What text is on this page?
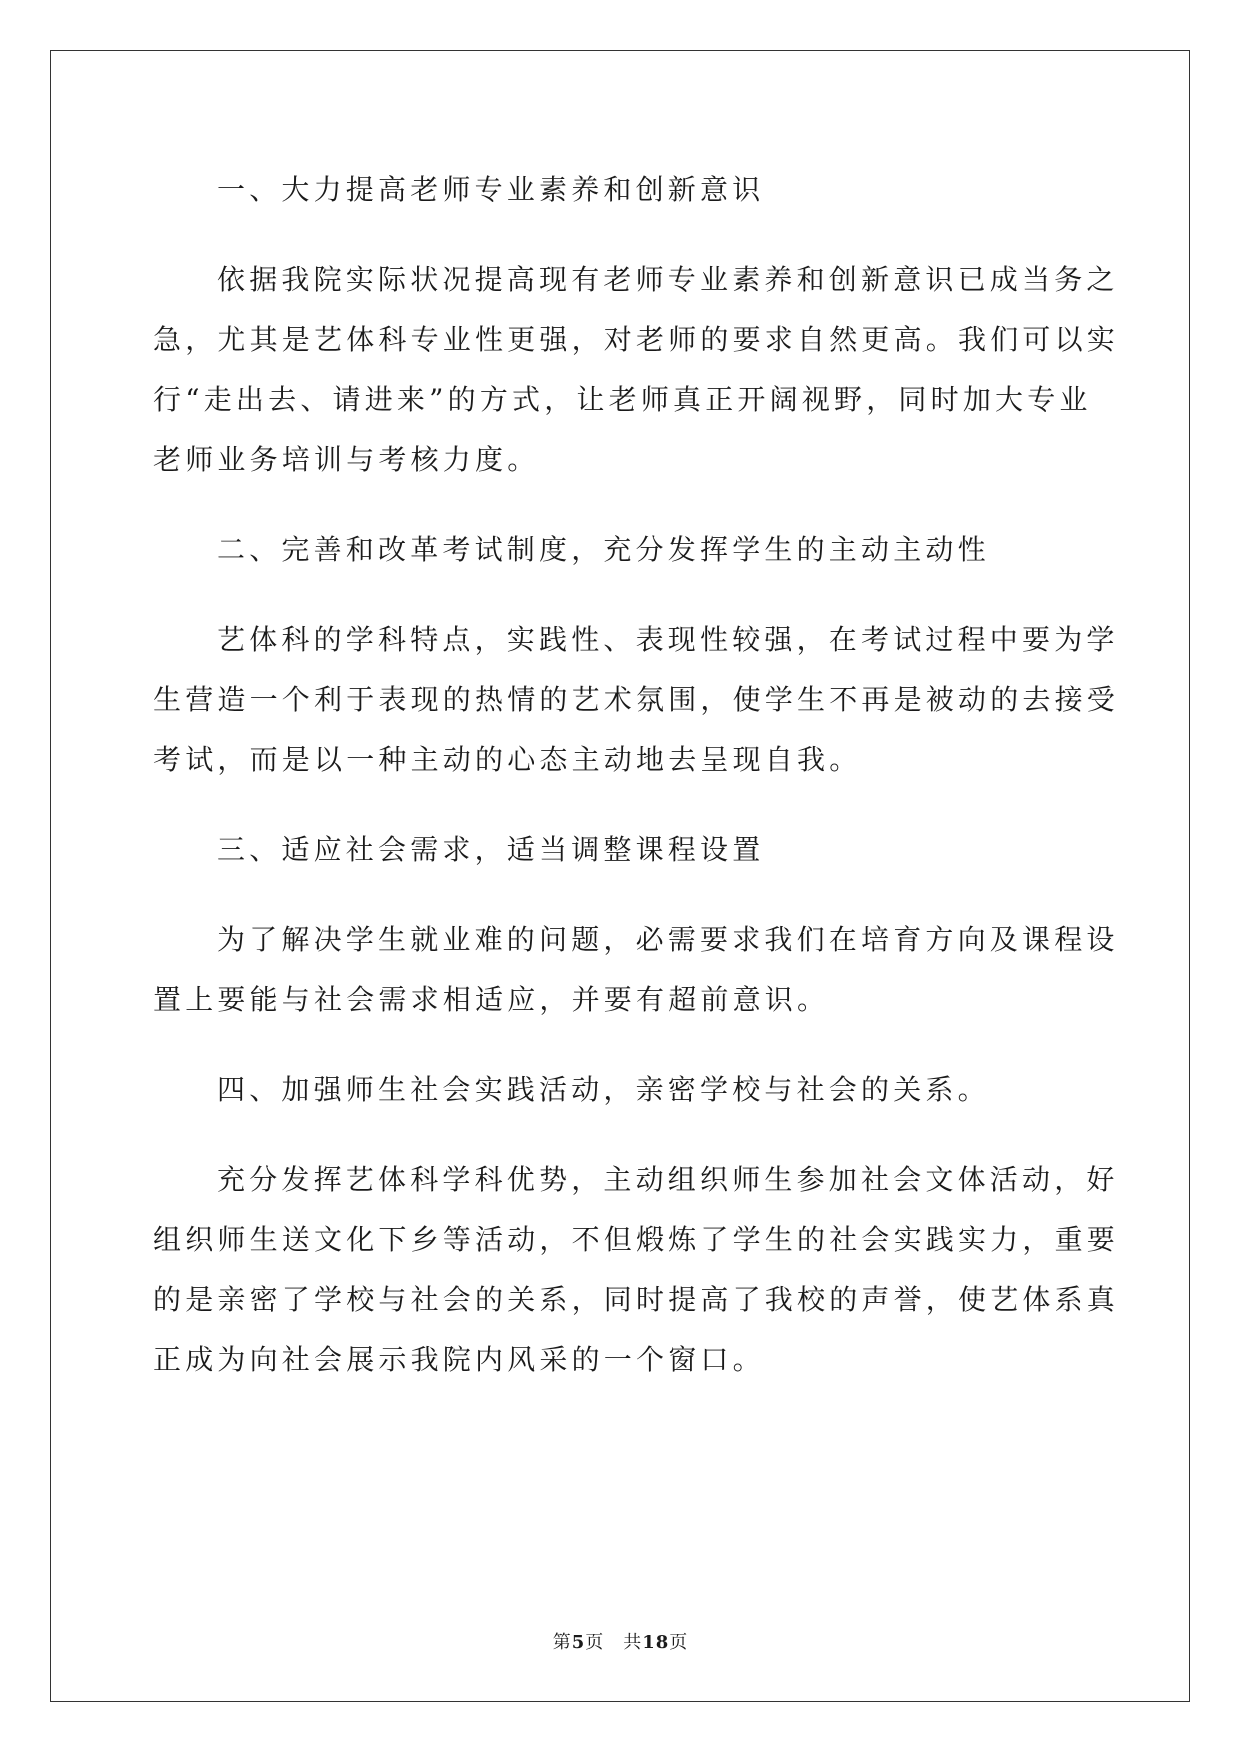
一、大力提高老师专业素养和创新意识

依据我院实际状况提高现有老师专业素养和创新意识已成当务之
急，尤其是艺体科专业性更强，对老师的要求自然更高。我们可以实
行“走出去、请进来”的方式，让老师真正开阔视野，同时加大专业
老师业务培训与考核力度。

二、完善和改革考试制度，充分发挥学生的主动主动性

艺体科的学科特点，实践性、表现性较强，在考试过程中要为学
生营造一个利于表现的热情的艺术氛围，使学生不再是被动的去接受
考试，而是以一种主动的心态主动地去呈现自我。

三、适应社会需求，适当调整课程设置

为了解决学生就业难的问题，必需要求我们在培育方向及课程设
置上要能与社会需求相适应，并要有超前意识。

四、加强师生社会实践活动，亲密学校与社会的关系。

充分发挥艺体科学科优势，主动组织师生参加社会文体活动，好
组织师生送文化下乡等活动，不但煅炼了学生的社会实践实力，重要
的是亲密了学校与社会的关系，同时提高了我校的声誉，使艺体系真
正成为向社会展示我院内风采的一个窗口。

第5页　共18页
